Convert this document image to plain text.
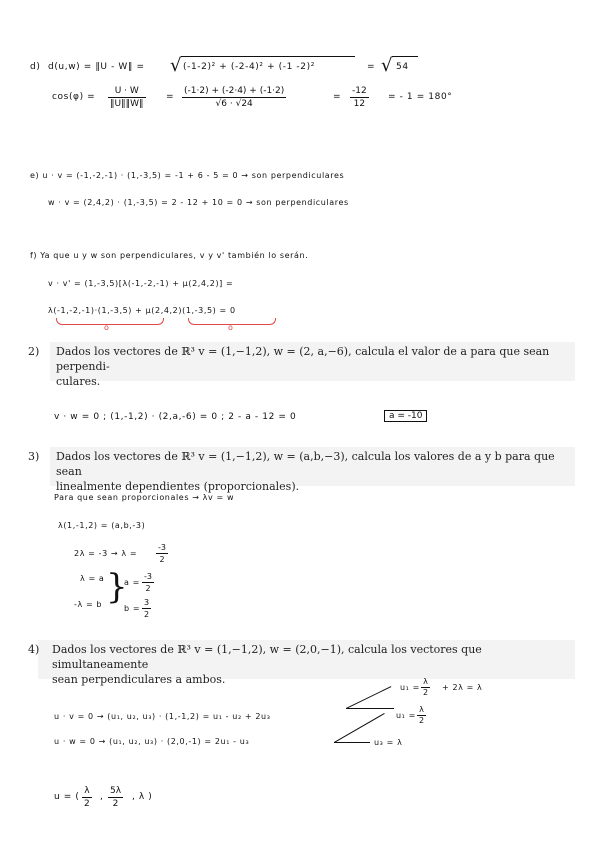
d) d(u,w) = ‖U - W‖ = √ (-1-2)² + (-2-4)² + (-1 -2)²	= √ 54
cos(φ) =
U · W
‖U‖‖W‖
=
(-1·2) + (-2·4) + (-1·2)
√6 · √24
=
-12
12
= - 1 = 180°
e) u · v = (-1,-2,-1) · (1,-3,5) = -1 + 6 - 5 = 0 → son perpendiculares
w · v = (2,4,2) · (1,-3,5) = 2 - 12 + 10 = 0 → son perpendiculares
f) Ya que u y w son perpendiculares, v y v' también lo serán.
v · v' = (1,-3,5)[λ(-1,-2,-1) + μ(2,4,2)] =
λ(-1,-2,-1)·(1,-3,5) + μ(2,4,2)(1,-3,5) = 0
o	o
2) Dados los vectores de ℝ³ v = (1,−1,2), w = (2, a,−6), calcula el valor de a para que sean perpendi-
culares.
v · w = 0 ; (1,-1,2) · (2,a,-6) = 0 ; 2 - a - 12 = 0	a = -10
3) Dados los vectores de ℝ³ v = (1,−1,2), w = (a,b,−3), calcula los valores de a y b para que sean
linealmente dependientes (proporcionales).
Para que sean proporcionales → λv = w
λ(1,-1,2) = (a,b,-3)
2λ = -3 → λ =
-3
2
λ = a
-λ = b }
a =
-3
2
b =
3
2
4)	Dados los vectores de ℝ³ v = (1,−1,2), w = (2,0,−1), calcula los vectores que simultaneamente
sean perpendiculares a ambos.
u₁ =
λ
2
+ 2λ = λ
u₁ =
λ
2
u₃ = λ
u · v = 0 → (u₁, u₂, u₃) · (1,-1,2) = u₁ - u₂ + 2u₃
u · w = 0 → (u₁, u₂, u₃) · (2,0,-1) = 2u₁ - u₃
u = (
λ
2
,
5λ
2
, λ )
